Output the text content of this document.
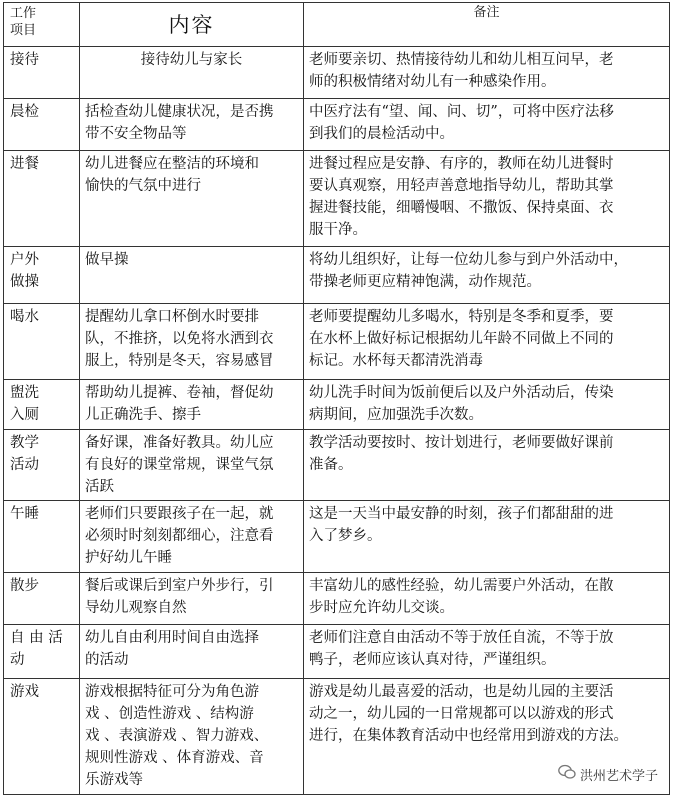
工作
项目	内容	备注
接待	接待幼儿与家长	老师要亲切、热情接待幼儿和幼儿相互问早，老
师的积极情绪对幼儿有一种感染作用。
晨检	括检查幼儿健康状况，是否携
带不安全物品等	中医疗法有“望、闻、问、切”，可将中医疗法移
到我们的晨检活动中。
进餐	幼儿进餐应在整洁的环境和
愉快的气氛中进行	进餐过程应是安静、有序的，教师在幼儿进餐时
要认真观察，用轻声善意地指导幼儿，帮助其掌
握进餐技能，细嚼慢咽、不撒饭、保持桌面、衣
服干净。
户外
做操	做早操	将幼儿组织好，让每一位幼儿参与到户外活动中，
带操老师更应精神饱满，动作规范。
喝水	提醒幼儿拿口杯倒水时要排
队，不推挤，以免将水洒到衣
服上，特别是冬天，容易感冒	老师要提醒幼儿多喝水，特别是冬季和夏季，要
在水杯上做好标记根据幼儿年龄不同做上不同的
标记。水杯每天都清洗消毒
盥洗
入厕	帮助幼儿提裤、卷袖，督促幼
儿正确洗手、擦手	幼儿洗手时间为饭前便后以及户外活动后，传染
病期间，应加强洗手次数。
教学
活动	备好课，准备好教具。幼儿应
有良好的课堂常规，课堂气氛
活跃	教学活动要按时、按计划进行，老师要做好课前
准备。
午睡	老师们只要跟孩子在一起，就
必须时时刻刻都细心，注意看
护好幼儿午睡	这是一天当中最安静的时刻，孩子们都甜甜的进
入了梦乡。
散步	餐后或课后到室户外步行，引
导幼儿观察自然	丰富幼儿的感性经验，幼儿需要户外活动，在散
步时应允许幼儿交谈。
自 由 活
动	幼儿自由利用时间自由选择
的活动	老师们注意自由活动不等于放任自流，不等于放
鸭子，老师应该认真对待，严谨组织。
游戏	游戏根据特征可分为角色游
戏 、创造性游戏 、结构游
戏 、表演游戏 、智力游戏、
规则性游戏 、体育游戏、音
乐游戏等	游戏是幼儿最喜爱的活动，也是幼儿园的主要活
动之一，幼儿园的一日常规都可以以游戏的形式
进行，在集体教育活动中也经常用到游戏的方法。
洪州艺术学子
